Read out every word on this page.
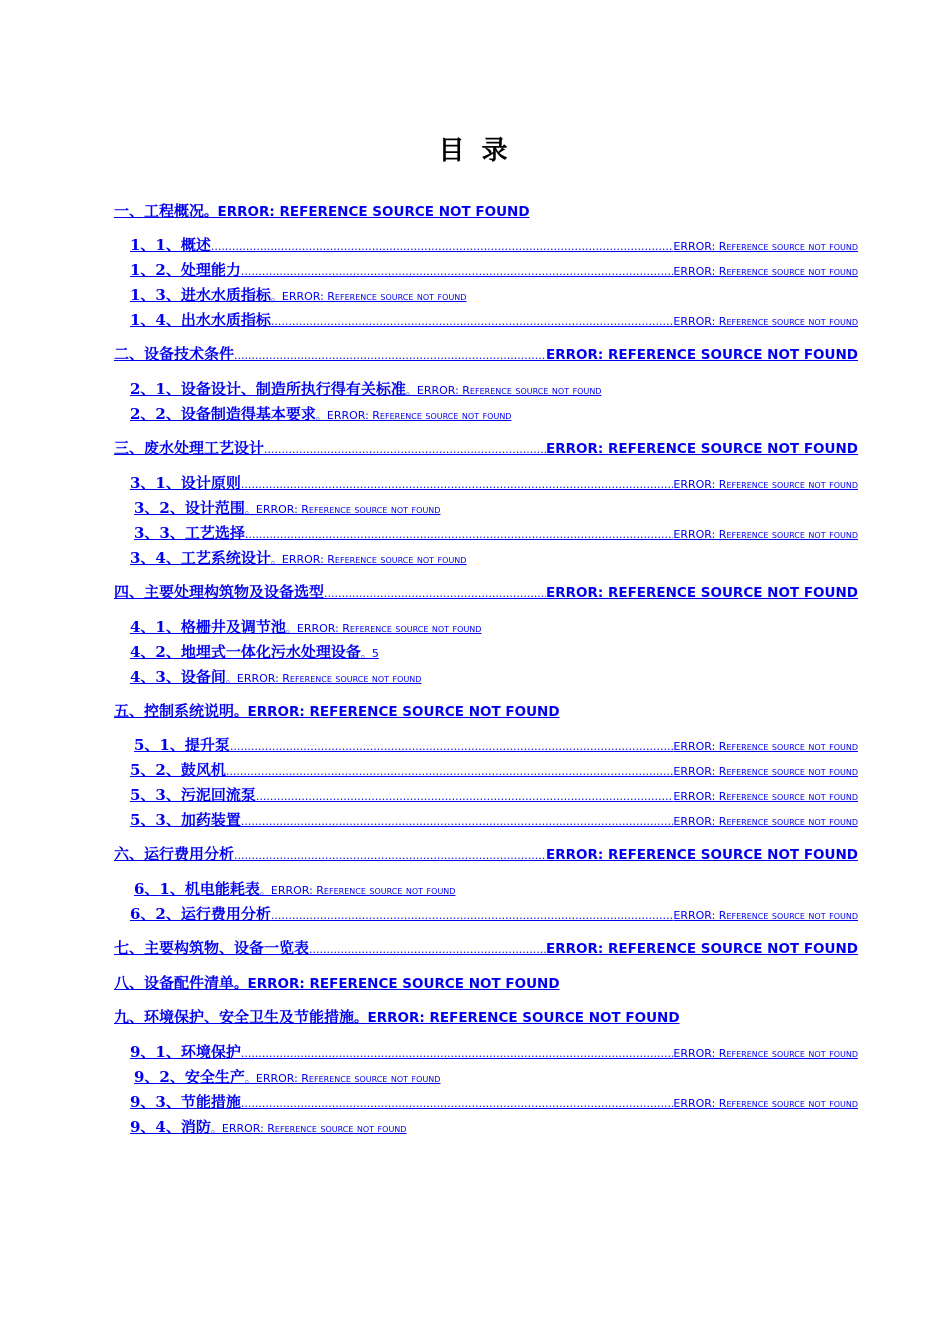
目 录
一、工程概况 。ERROR: REFERENCE SOURCE NOT FOUND
1、1、概述 .....	ERROR: Reference source not found
1、2、处理能力 .....	ERROR: Reference source not found
1、3、进水水质指标 。ERROR: Reference source not found
1、4、出水水质指标 .....	ERROR: Reference source not found
二、设备技术条件 .....	ERROR: REFERENCE SOURCE NOT FOUND
2、1、设备设计、制造所执行得有关标准 。ERROR: Reference source not found
2、2、设备制造得基本要求 。ERROR: Reference source not found
三、废水处理工艺设计 .....	ERROR: REFERENCE SOURCE NOT FOUND
3、1、设计原则 .....	ERROR: Reference source not found
3、2、设计范围 。ERROR: Reference source not found
3、3、工艺选择 .....	ERROR: Reference source not found
3、4、工艺系统设计 。ERROR: Reference source not found
四、主要处理构筑物及设备选型 .....	ERROR: REFERENCE SOURCE NOT FOUND
4、1、格栅井及调节池 。ERROR: Reference source not found
4、2、地埋式一体化污水处理设备 。5
4、3、设备间 。ERROR: Reference source not found
五、控制系统说明 。ERROR: REFERENCE SOURCE NOT FOUND
5、1、提升泵 .....	ERROR: Reference source not found
5、2、鼓风机 .....	ERROR: Reference source not found
5、3、污泥回流泵 .....	ERROR: Reference source not found
5、3、加药装置 .....	ERROR: Reference source not found
六、运行费用分析 .....	ERROR: REFERENCE SOURCE NOT FOUND
6、1、机电能耗表 。ERROR: Reference source not found
6、2、运行费用分析 .....	ERROR: Reference source not found
七、主要构筑物、设备一览表 .....	ERROR: REFERENCE SOURCE NOT FOUND
八、设备配件清单 。ERROR: REFERENCE SOURCE NOT FOUND
九、环境保护、安全卫生及节能措施 。ERROR: REFERENCE SOURCE NOT FOUND
9、1、环境保护 .....	ERROR: Reference source not found
9、2、安全生产 。ERROR: Reference source not found
9、3、节能措施 .....	ERROR: Reference source not found
9、4、消防 。ERROR: Reference source not found
